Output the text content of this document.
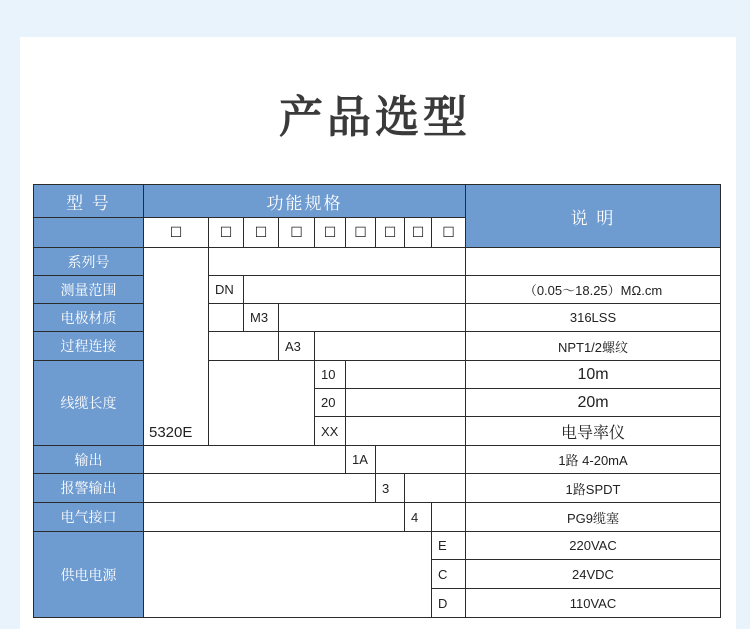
产品选型
型 号	功能规格									说 明
	☐	☐	☐	☐	☐	☐	☐	☐	☐	
系列号	5320E									
测量范围		DN								（0.05～18.25）MΩ.cm
电极材质			M3							316LSS
过程连接				A3						NPT1/2螺纹
线缆长度					10					10m
					20					20m
					XX					电导率仪
输出						1A				1路 4-20mA
报警输出							3			1路SPDT
电气接口								4		PG9缆塞
供电电源									E	220VAC
									C	24VDC
									D	110VAC
